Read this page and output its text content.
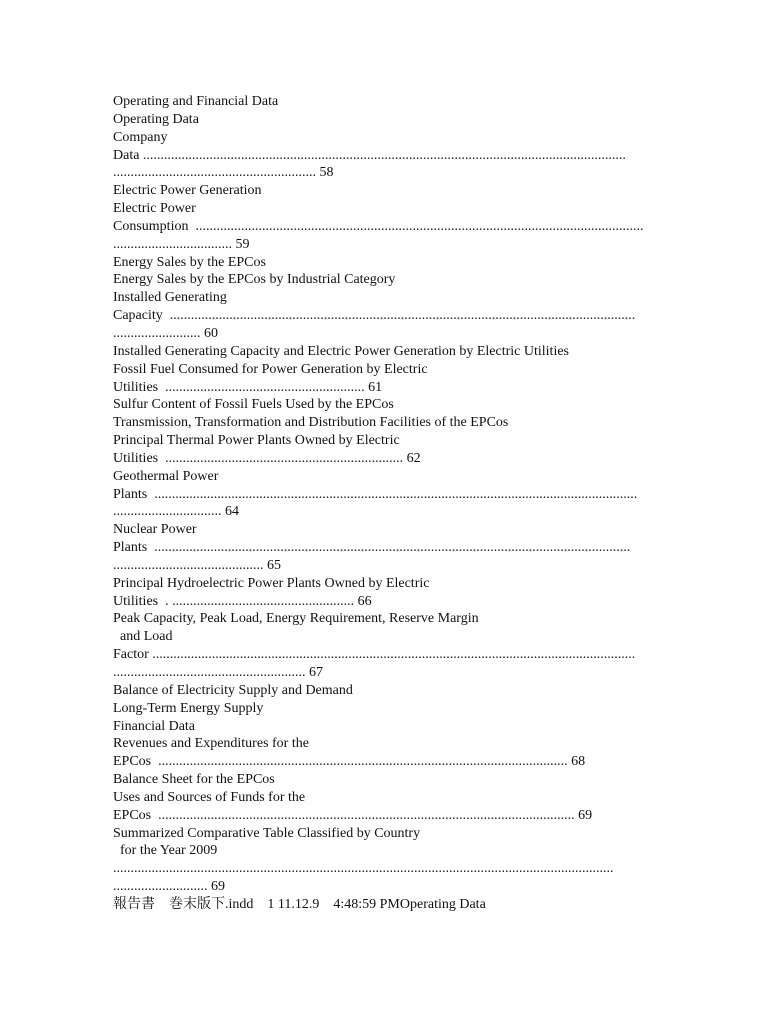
Operating and Financial Data
Operating Data
Company
Data ..........................................................................................................................................
.......................................................... 58
Electric Power Generation
Electric Power
Consumption  ................................................................................................................................
.................................. 59
Energy Sales by the EPCos
Energy Sales by the EPCos by Industrial Category
Installed Generating
Capacity  .....................................................................................................................................
......................... 60
Installed Generating Capacity and Electric Power Generation by Electric Utilities
Fossil Fuel Consumed for Power Generation by Electric
Utilities  ......................................................... 61
Sulfur Content of Fossil Fuels Used by the EPCos
Transmission, Transformation and Distribution Facilities of the EPCos
Principal Thermal Power Plants Owned by Electric
Utilities  .................................................................... 62
Geothermal Power
Plants  ..........................................................................................................................................
............................... 64
Nuclear Power
Plants  ........................................................................................................................................
........................................... 65
Principal Hydroelectric Power Plants Owned by Electric
Utilities  . .................................................... 66
Peak Capacity, Peak Load, Energy Requirement, Reserve Margin
and Load
Factor ..........................................................................................................................................
....................................................... 67
Balance of Electricity Supply and Demand
Long-Term Energy Supply
Financial Data
Revenues and Expenditures for the
EPCos  ..................................................................................................................... 68
Balance Sheet for the EPCos
Uses and Sources of Funds for the
EPCos  ....................................................................................................................... 69
Summarized Comparative Table Classified by Country
for the Year 2009
...............................................................................................................................................
........................... 69
報告書　巻末版下.indd　1 11.12.9　4:48:59 PMOperating Data
